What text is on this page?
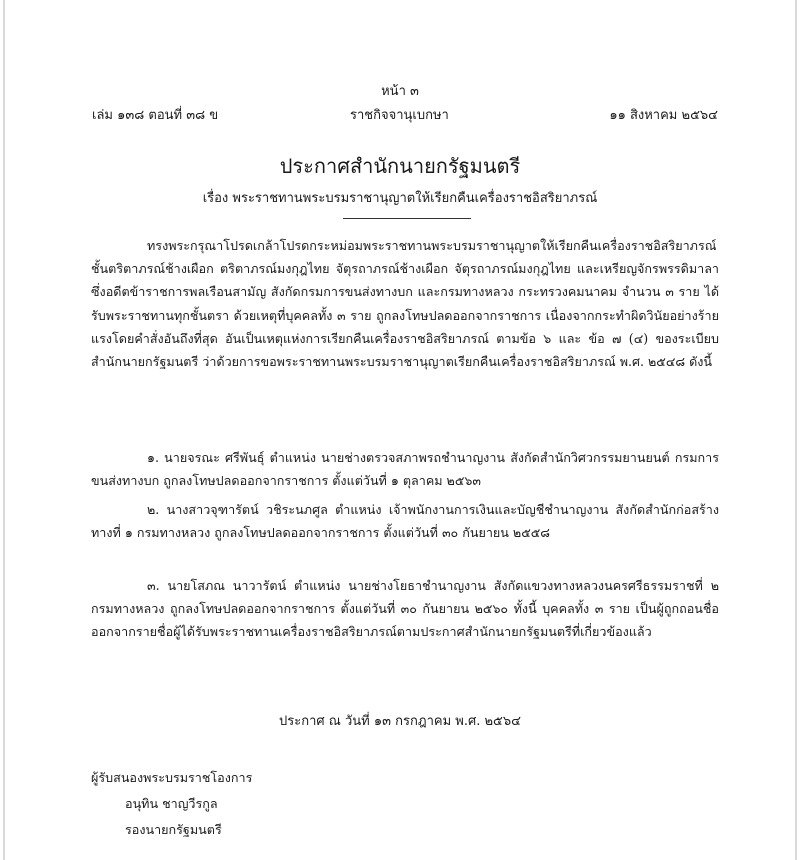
หน้า ๓
เล่ม ๑๓๘ ตอนที่ ๓๘ ข	ราชกิจจานุเบกษา	๑๑ สิงหาคม ๒๕๖๔
ประกาศสำนักนายกรัฐมนตรี
เรื่อง พระราชทานพระบรมราชานุญาตให้เรียกคืนเครื่องราชอิสริยาภรณ์
ทรงพระกรุณาโปรดเกล้าโปรดกระหม่อมพระราชทานพระบรมราชานุญาตให้เรียกคืนเครื่องราชอิสริยาภรณ์ชั้นตริตาภรณ์ช้างเผือก ตริตาภรณ์มงกุฎไทย จัตุรถาภรณ์ช้างเผือก จัตุรถาภรณ์มงกุฎไทย และเหรียญจักรพรรดิมาลา ซึ่งอดีตข้าราชการพลเรือนสามัญ สังกัดกรมการขนส่งทางบก และกรมทางหลวง กระทรวงคมนาคม จำนวน ๓ ราย ได้รับพระราชทานทุกชั้นตรา ด้วยเหตุที่บุคคลทั้ง ๓ ราย ถูกลงโทษปลดออกจากราชการ เนื่องจากกระทำผิดวินัยอย่างร้ายแรงโดยคำสั่งอันถึงที่สุด อันเป็นเหตุแห่งการเรียกคืนเครื่องราชอิสริยาภรณ์ ตามข้อ ๖ และ ข้อ ๗ (๔) ของระเบียบสำนักนายกรัฐมนตรี ว่าด้วยการขอพระราชทานพระบรมราชานุญาตเรียกคืนเครื่องราชอิสริยาภรณ์ พ.ศ. ๒๕๔๘ ดังนี้
๑. นายจรณะ ศรีพันธุ์ ตำแหน่ง นายช่างตรวจสภาพรถชำนาญงาน สังกัดสำนักวิศวกรรมยานยนต์ กรมการขนส่งทางบก ถูกลงโทษปลดออกจากราชการ ตั้งแต่วันที่ ๑ ตุลาคม ๒๕๖๓
๒. นางสาวจุฑารัตน์ วชิระนภศูล ตำแหน่ง เจ้าพนักงานการเงินและบัญชีชำนาญงาน สังกัดสำนักก่อสร้างทางที่ ๑ กรมทางหลวง ถูกลงโทษปลดออกจากราชการ ตั้งแต่วันที่ ๓๐ กันยายน ๒๕๕๘
๓. นายโสภณ นาวารัตน์ ตำแหน่ง นายช่างโยธาชำนาญงาน สังกัดแขวงทางหลวงนครศรีธรรมราชที่ ๒ กรมทางหลวง ถูกลงโทษปลดออกจากราชการ ตั้งแต่วันที่ ๓๐ กันยายน ๒๕๖๐ ทั้งนี้ บุคคลทั้ง ๓ ราย เป็นผู้ถูกถอนชื่อออกจากรายชื่อผู้ได้รับพระราชทานเครื่องราชอิสริยาภรณ์ตามประกาศสำนักนายกรัฐมนตรีที่เกี่ยวข้องแล้ว
ประกาศ ณ วันที่ ๑๓ กรกฎาคม พ.ศ. ๒๕๖๔
ผู้รับสนองพระบรมราชโองการ
อนุทิน ชาญวีรกูล
รองนายกรัฐมนตรี
